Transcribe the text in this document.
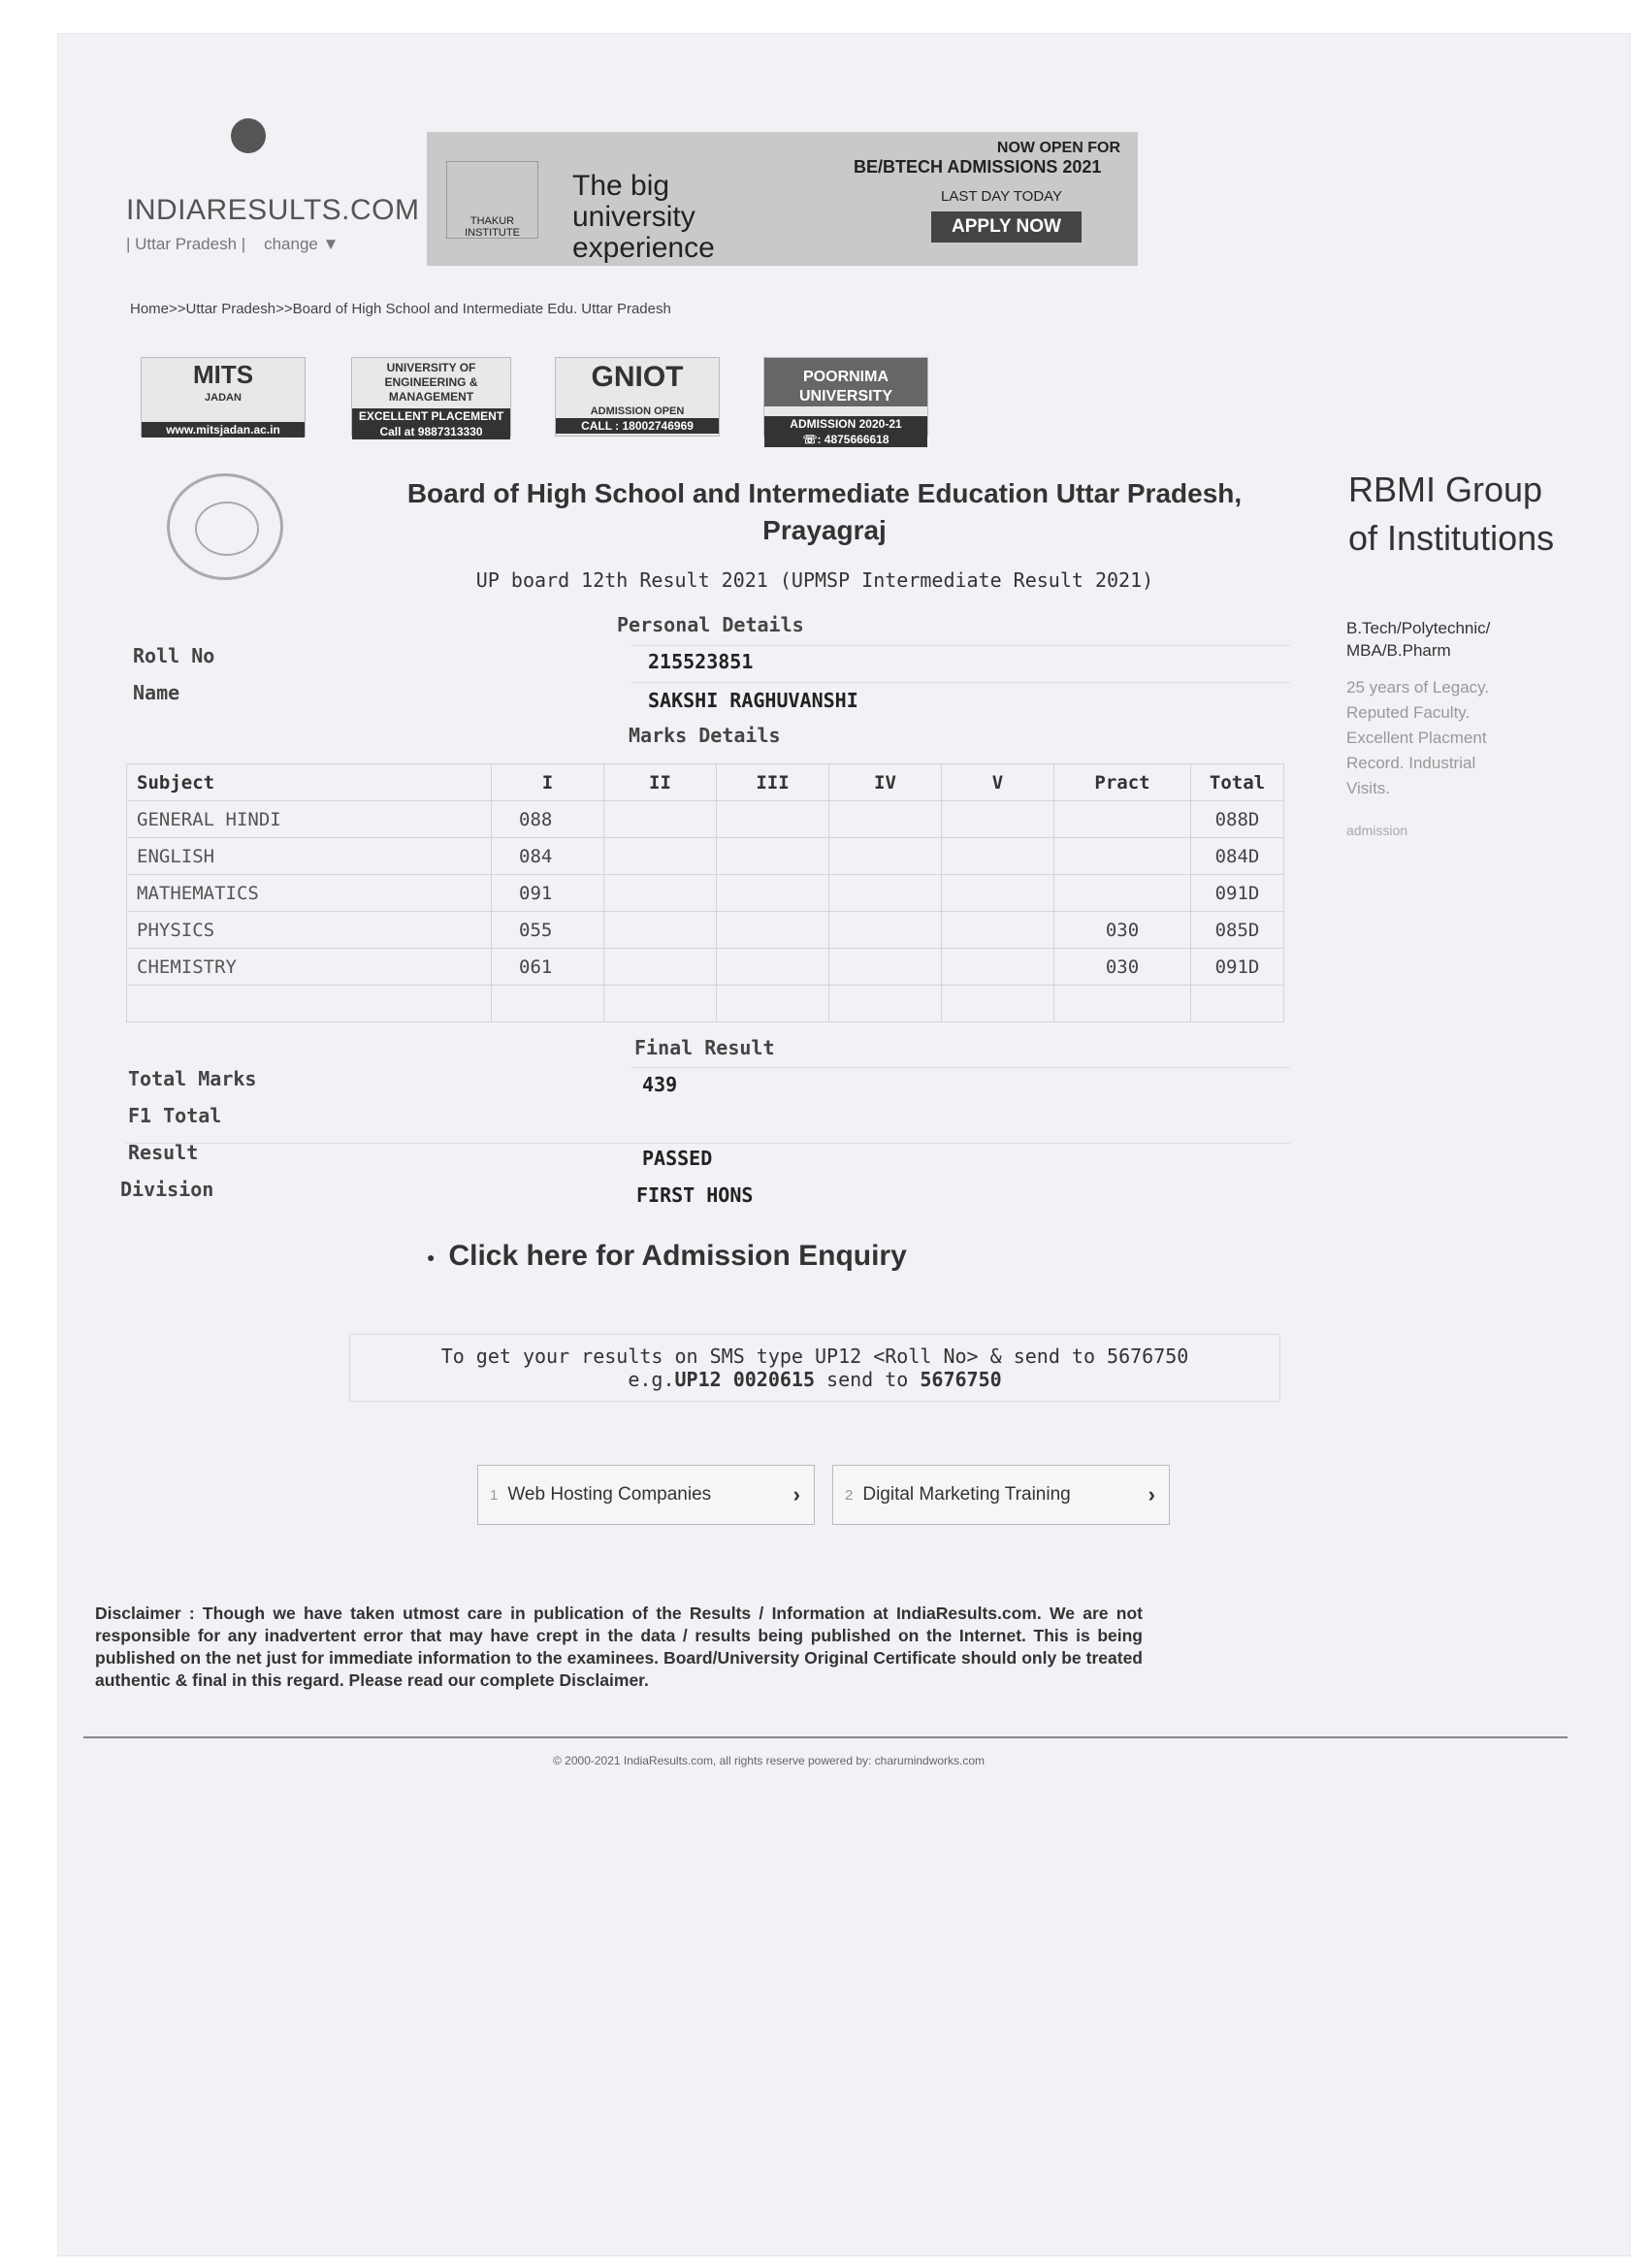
INDIARESULTS.COM
| Uttar Pradesh | change ▼
THAKUR INSTITUTE
The big university experience
NOW OPEN FOR
BE/BTECH ADMISSIONS 2021
LAST DAY TODAY
APPLY NOW
Home>>Uttar Pradesh>>Board of High School and Intermediate Edu. Uttar Pradesh
MITS
JADAN
www.mitsjadan.ac.in
UNIVERSITY OF ENGINEERING & MANAGEMENT
EXCELLENT PLACEMENT
Call at 9887313330
GNIOT
ADMISSION OPEN
CALL : 18002746969
POORNIMA UNIVERSITY
ADMISSION 2020-21
☏: 4875666618
Board of High School and Intermediate Education Uttar Pradesh, Prayagraj
UP board 12th Result 2021 (UPMSP Intermediate Result 2021)
Personal Details
Roll No	215523851
Name	SAKSHI RAGHUVANSHI
Marks Details
Subject	I	II	III	IV	V	Pract	Total
GENERAL HINDI	088						088D
ENGLISH	084						084D
MATHEMATICS	091						091D
PHYSICS	055					030	085D
CHEMISTRY	061					030	091D

Final Result
Total Marks	439
F1 Total
Result	PASSED
Division	FIRST HONS
● Click here for Admission Enquiry
To get your results on SMS type UP12 <Roll No> & send to 5676750
e.g.UP12 0020615 send to 5676750
1 Web Hosting Companies	›	2 Digital Marketing Training	›
Disclaimer : Though we have taken utmost care in publication of the Results / Information at IndiaResults.com. We are not responsible for any inadvertent error that may have crept in the data / results being published on the Internet. This is being published on the net just for immediate information to the examinees. Board/University Original Certificate should only be treated authentic & final in this regard. Please read our complete Disclaimer.
© 2000-2021 IndiaResults.com, all rights reserve powered by: charumindworks.com
RBMI Group of Institutions
B.Tech/Polytechnic/ MBA/B.Pharm
25 years of Legacy. Reputed Faculty. Excellent Placment Record. Industrial Visits.
admission
